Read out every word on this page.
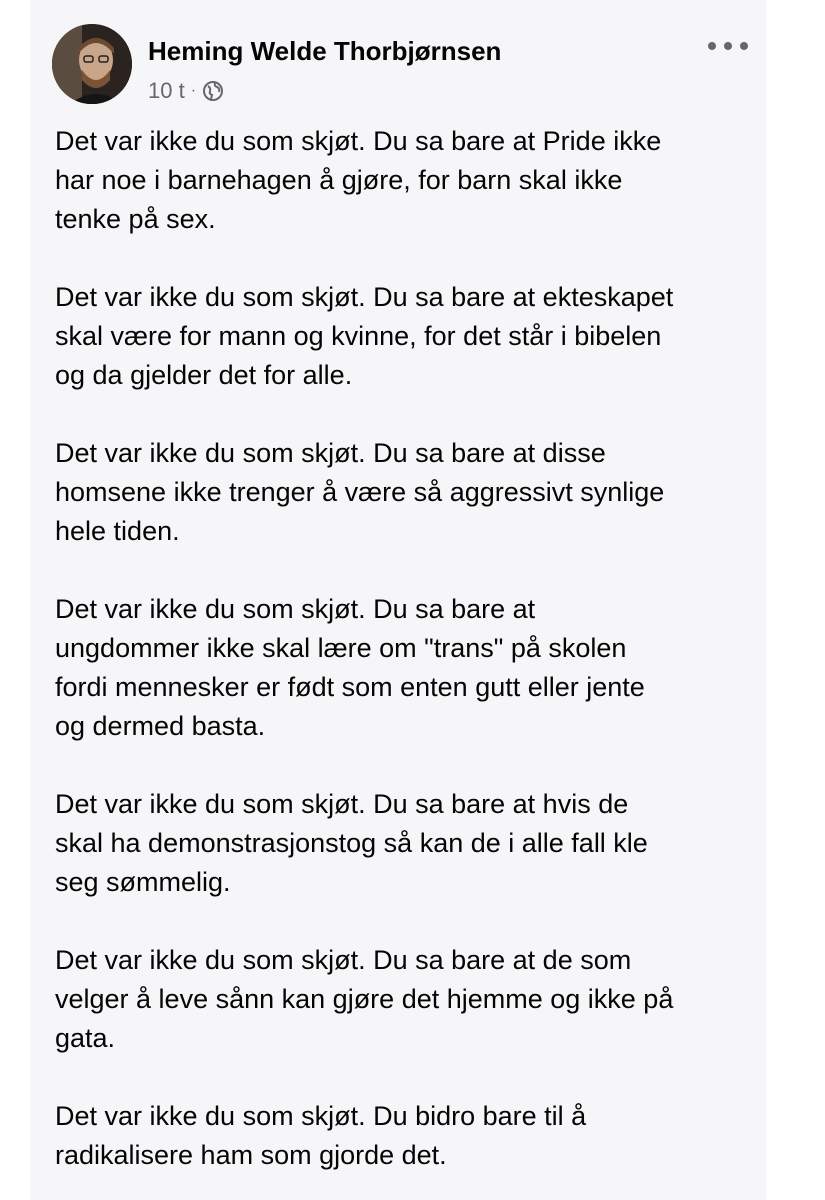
Heming Welde Thorbjørnsen
10 t ·

Det var ikke du som skjøt. Du sa bare at Pride ikke
har noe i barnehagen å gjøre, for barn skal ikke
tenke på sex.

Det var ikke du som skjøt. Du sa bare at ekteskapet
skal være for mann og kvinne, for det står i bibelen
og da gjelder det for alle.

Det var ikke du som skjøt. Du sa bare at disse
homsene ikke trenger å være så aggressivt synlige
hele tiden.

Det var ikke du som skjøt. Du sa bare at
ungdommer ikke skal lære om "trans" på skolen
fordi mennesker er født som enten gutt eller jente
og dermed basta.

Det var ikke du som skjøt. Du sa bare at hvis de
skal ha demonstrasjonstog så kan de i alle fall kle
seg sømmelig.

Det var ikke du som skjøt. Du sa bare at de som
velger å leve sånn kan gjøre det hjemme og ikke på
gata.

Det var ikke du som skjøt. Du bidro bare til å
radikalisere ham som gjorde det.
